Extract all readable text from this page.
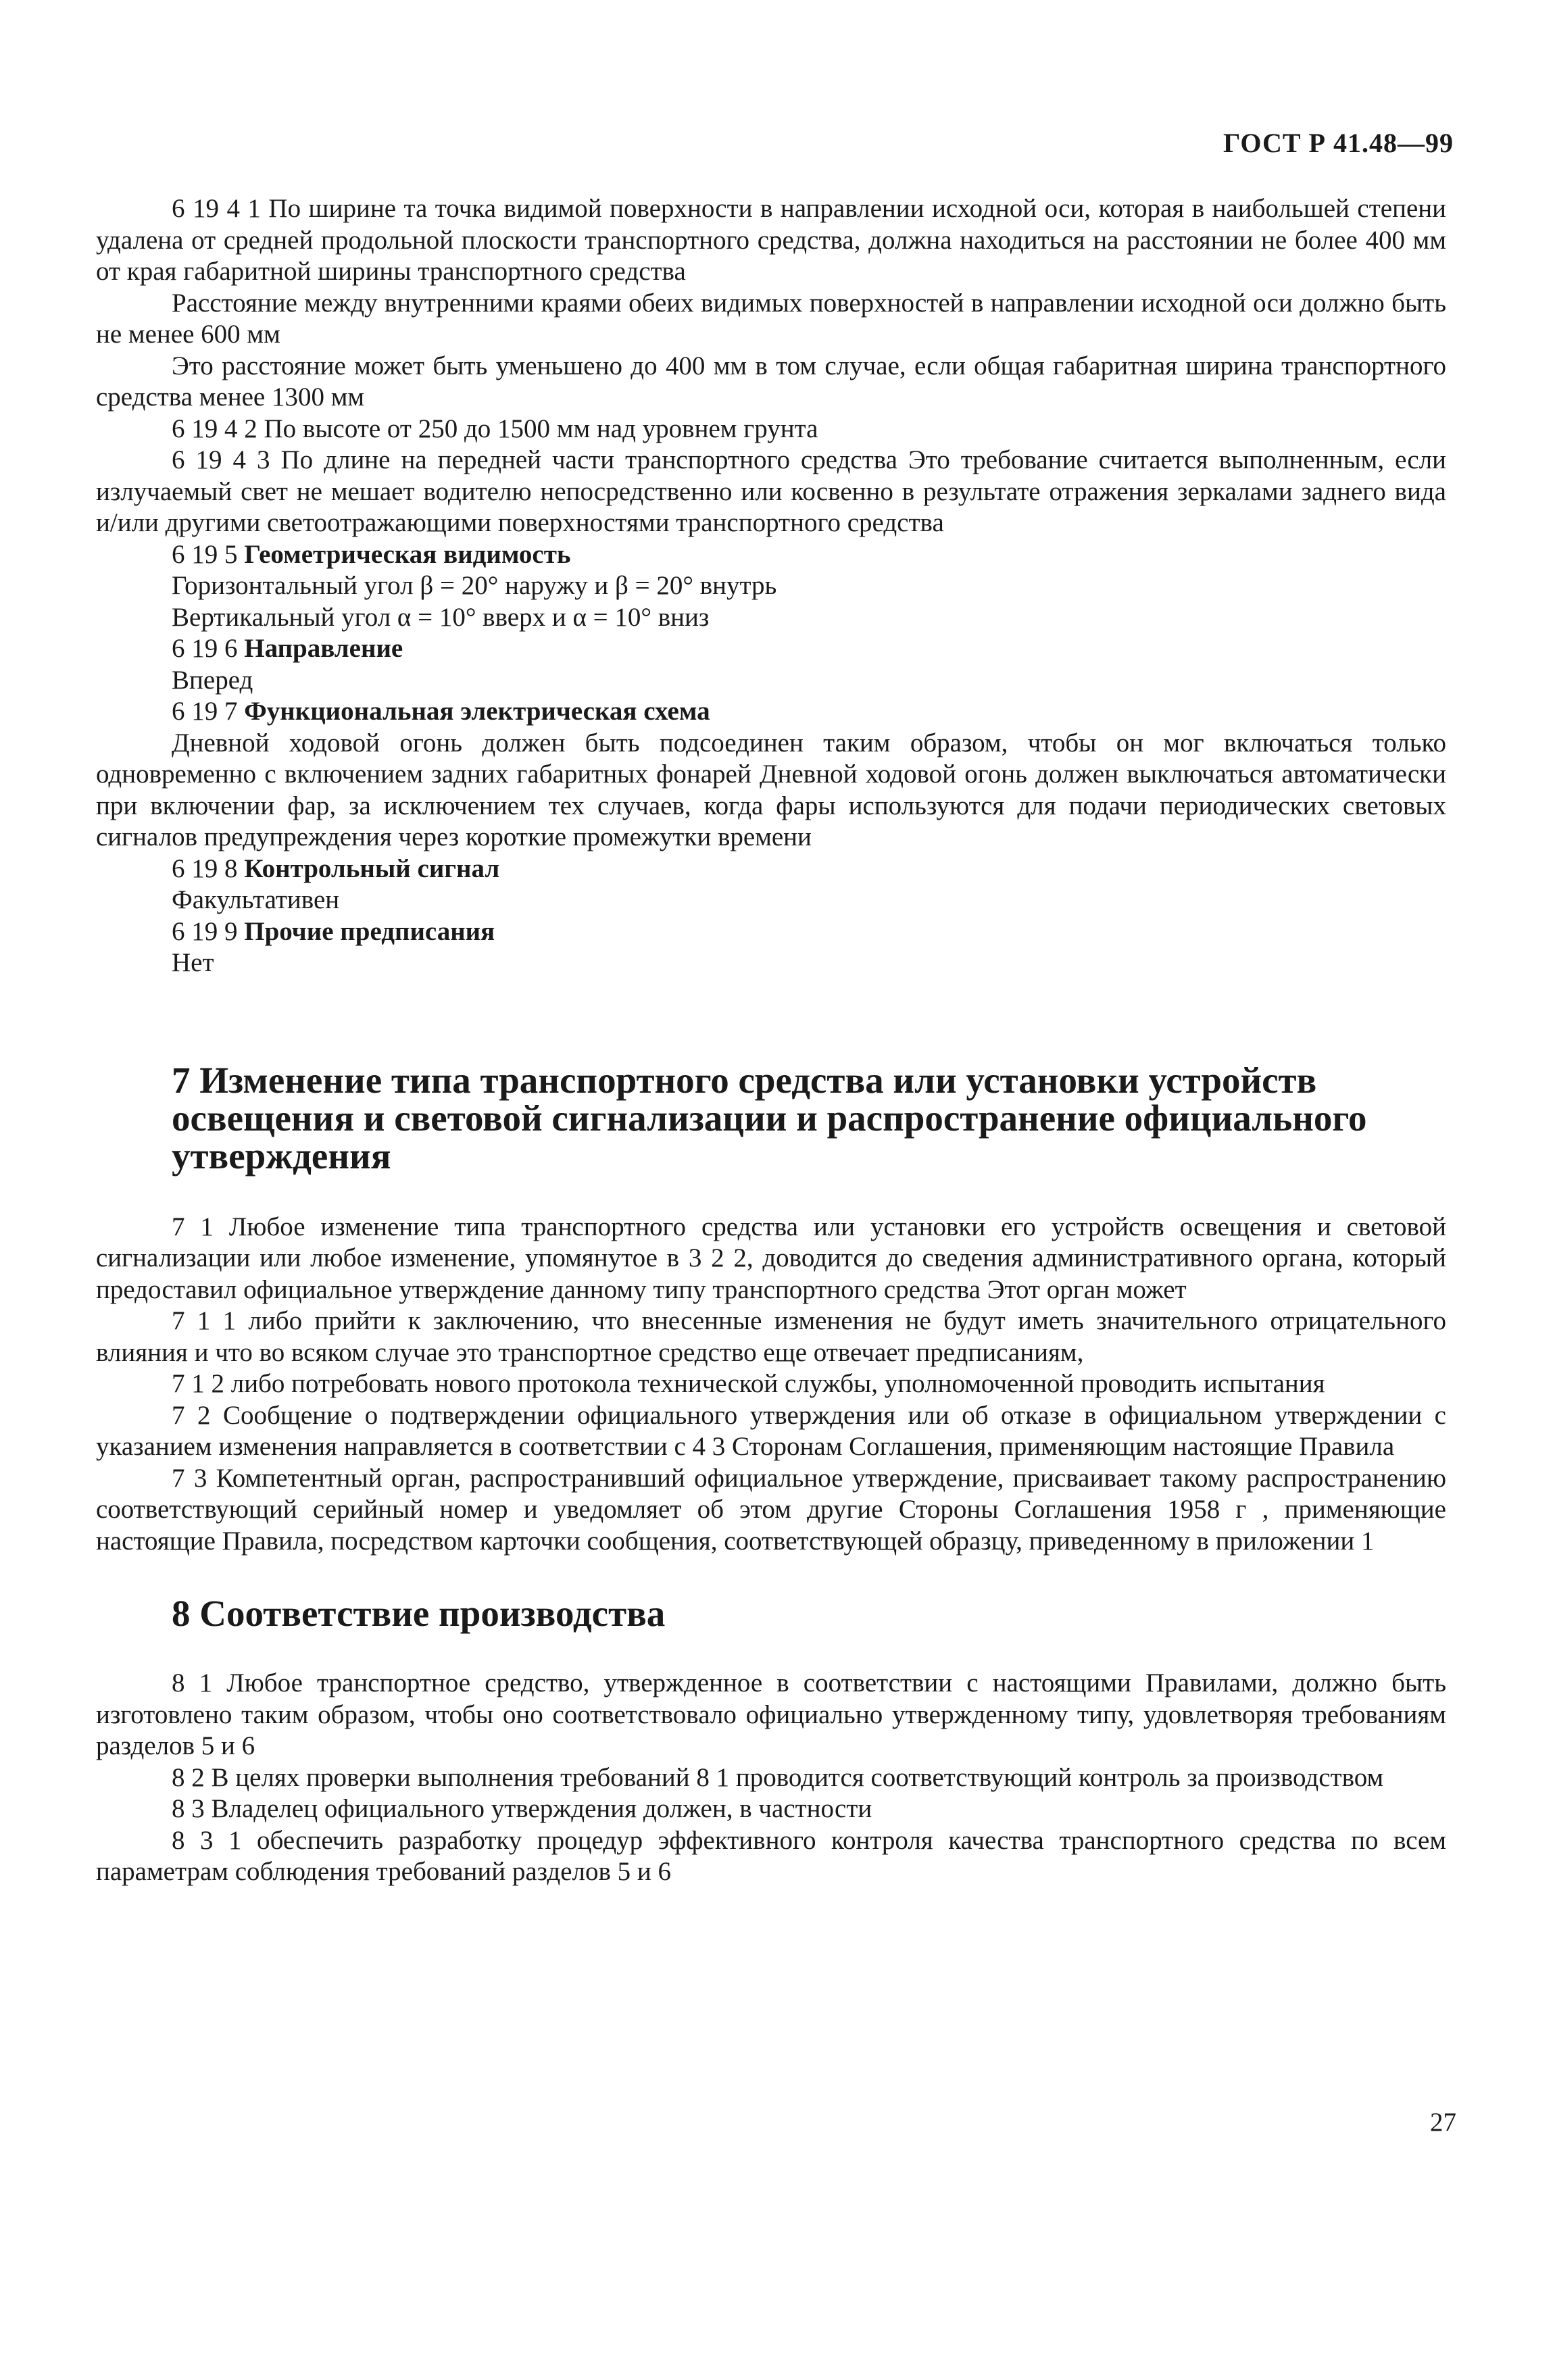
ГОСТ Р 41.48—99

6 19 4 1 По ширине та точка видимой поверхности в направлении исходной оси, которая в наибольшей степени удалена от средней продольной плоскости транспортного средства, должна находиться на расстоянии не более 400 мм от края габаритной ширины транспортного средства

Расстояние между внутренними краями обеих видимых поверхностей в направлении исходной оси должно быть не менее 600 мм

Это расстояние может быть уменьшено до 400 мм в том случае, если общая габаритная ширина транспортного средства менее 1300 мм

6 19 4 2 По высоте от 250 до 1500 мм над уровнем грунта

6 19 4 3 По длине на передней части транспортного средства Это требование считается выполненным, если излучаемый свет не мешает водителю непосредственно или косвенно в результате отражения зеркалами заднего вида и/или другими светоотражающими поверхностями транспортного средства

6 19 5 Геометрическая видимость

Горизонтальный угол β = 20° наружу и β = 20° внутрь

Вертикальный угол α = 10° вверх и α = 10° вниз

6 19 6 Направление

Вперед

6 19 7 Функциональная электрическая схема

Дневной ходовой огонь должен быть подсоединен таким образом, чтобы он мог включаться только одновременно с включением задних габаритных фонарей Дневной ходовой огонь должен выключаться автоматически при включении фар, за исключением тех случаев, когда фары используются для подачи периодических световых сигналов предупреждения через короткие промежутки времени

6 19 8 Контрольный сигнал

Факультативен

6 19 9 Прочие предписания

Нет

7 Изменение типа транспортного средства или установки устройств освещения и световой сигнализации и распространение официального утверждения

7 1 Любое изменение типа транспортного средства или установки его устройств освещения и световой сигнализации или любое изменение, упомянутое в 3 2 2, доводится до сведения административного органа, который предоставил официальное утверждение данному типу транспортного средства Этот орган может

7 1 1 либо прийти к заключению, что внесенные изменения не будут иметь значительного отрицательного влияния и что во всяком случае это транспортное средство еще отвечает предписаниям,

7 1 2 либо потребовать нового протокола технической службы, уполномоченной проводить испытания

7 2 Сообщение о подтверждении официального утверждения или об отказе в официальном утверждении с указанием изменения направляется в соответствии с 4 3 Сторонам Соглашения, применяющим настоящие Правила

7 3 Компетентный орган, распространивший официальное утверждение, присваивает такому распространению соответствующий серийный номер и уведомляет об этом другие Стороны Соглашения 1958 г , применяющие настоящие Правила, посредством карточки сообщения, соответствующей образцу, приведенному в приложении 1

8 Соответствие производства

8 1 Любое транспортное средство, утвержденное в соответствии с настоящими Правилами, должно быть изготовлено таким образом, чтобы оно соответствовало официально утвержденному типу, удовлетворяя требованиям разделов 5 и 6

8 2 В целях проверки выполнения требований 8 1 проводится соответствующий контроль за производством

8 3 Владелец официального утверждения должен, в частности

8 3 1 обеспечить разработку процедур эффективного контроля качества транспортного средства по всем параметрам соблюдения требований разделов 5 и 6

27
